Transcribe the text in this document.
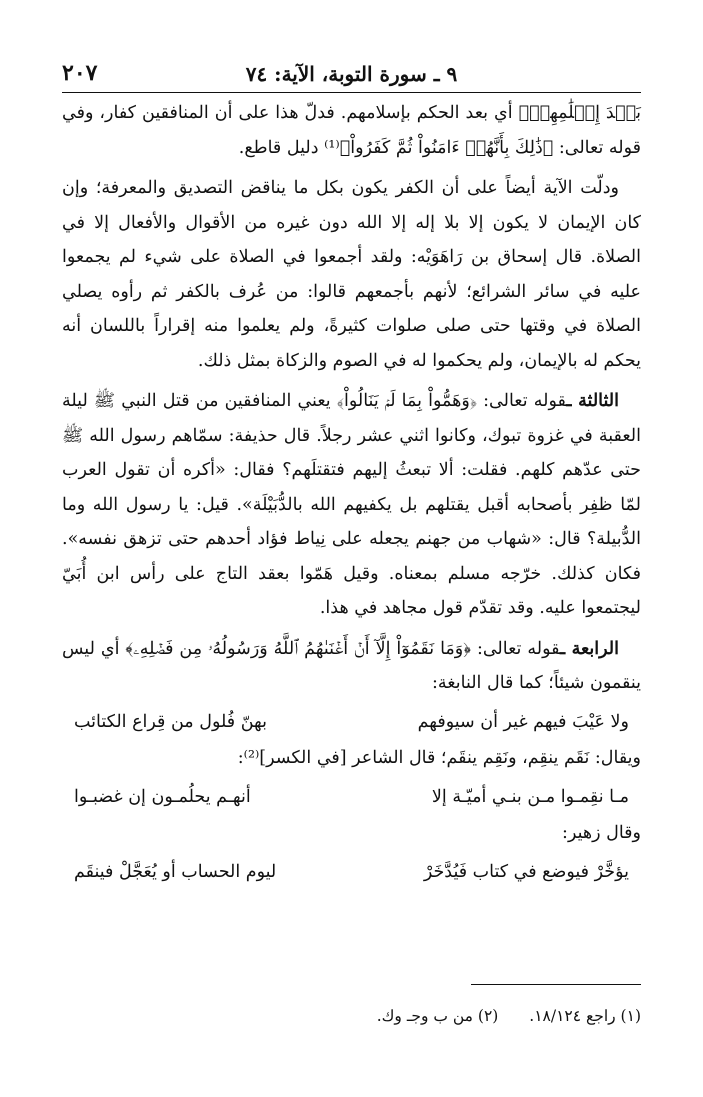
٩ ـ سورة التوبة، الآية: ٧٤
٢٠٧

بَعۡدَ إِسۡلَٰمِهِمۡ﴾ أي بعد الحكم بإسلامهم. فدلّ هذا على أن المنافقين كفار، وفي قوله تعالى: ﴿ذَٰلِكَ بِأَنَّهُمۡ ءَامَنُواْ ثُمَّ كَفَرُواْ﴾⁽¹⁾ دليل قاطع.

ودلّت الآية أيضاً على أن الكفر يكون بكل ما يناقض التصديق والمعرفة؛ وإن كان الإيمان لا يكون إلا بلا إله إلا الله دون غيره من الأقوال والأفعال إلا في الصلاة. قال إسحاق بن رَاهَوَيْه: ولقد أجمعوا في الصلاة على شيء لم يجمعوا عليه في سائر الشرائع؛ لأنهم بأجمعهم قالوا: من عُرف بالكفر ثم رأوه يصلي الصلاة في وقتها حتى صلى صلوات كثيرةً، ولم يعلموا منه إقراراً باللسان أنه يحكم له بالإيمان، ولم يحكموا له في الصوم والزكاة بمثل ذلك.

الثالثة ـقوله تعالى: ﴿وَهَمُّواْ بِمَا لَمۡ يَنَالُواْ﴾ يعني المنافقين من قتل النبي ﷺ ليلة العقبة في غزوة تبوك، وكانوا اثني عشر رجلاً. قال حذيفة: سمّاهم رسول الله ﷺ حتى عدّهم كلهم. فقلت: ألا تبعثُ إليهم فتقتلَهم؟ فقال: «أكره أن تقول العرب لمّا ظفِر بأصحابه أقبل يقتلهم بل يكفيهم الله بالدُّبَيْلَة». قيل: يا رسول الله وما الدُّبيلة؟ قال: «شهاب من جهنم يجعله على نِياط فؤاد أحدهم حتى تزهق نفسه». فكان كذلك. خرّجه مسلم بمعناه. وقيل هَمّوا بعقد التاج على رأس ابن أُبَيّ ليجتمعوا عليه. وقد تقدّم قول مجاهد في هذا.

الرابعة ـقوله تعالى: ﴿وَمَا نَقَمُوٓاْ إِلَّآ أَنۡ أَغۡنَىٰهُمُ ٱللَّهُ وَرَسُولُهُۥ مِن فَضۡلِهِۦ﴾ أي ليس ينقمون شيئاً؛ كما قال النابغة:

ولا عَيْبَ فيهم غير أن سيوفهم
بهنّ فُلول من قِراع الكتائب

ويقال: نَقَم ينقِم، ونَقِم ينقَم؛ قال الشاعر [في الكسر]⁽²⁾:

مـا نقِمـوا مـن بنـي أميّـة إلا
أنهـم يحلُمـون إن غضبـوا

وقال زهير:

يؤخَّرْ فيوضع في كتاب فَيُدَّخَرْ
ليوم الحساب أو يُعَجَّلْ فينقَم
(١) راجع ١٨/١٢٤. (٢) من ب وجـ وك.
